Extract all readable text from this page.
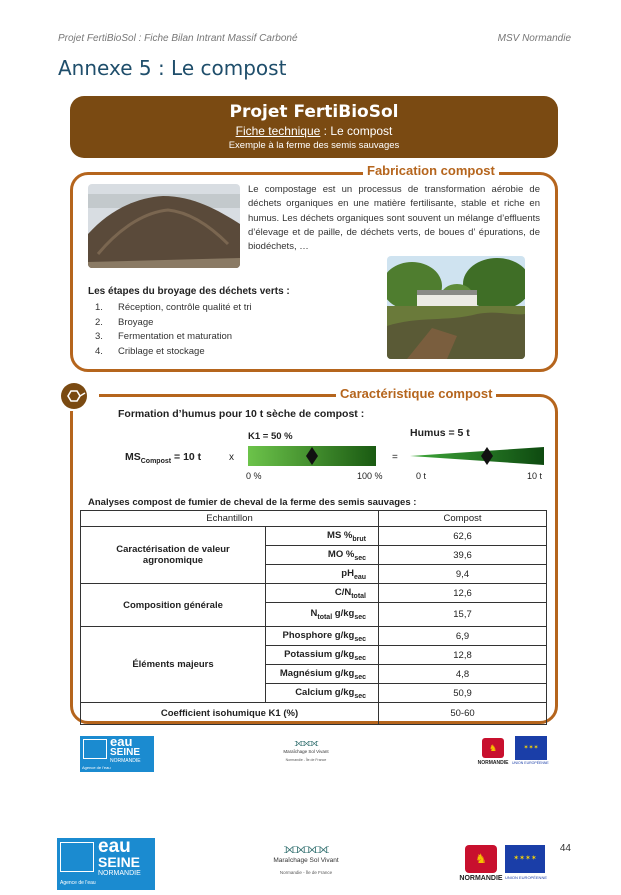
Projet FertiBioSol : Fiche Bilan Intrant Massif Carboné	MSV Normandie
Annexe 5 : Le compost
Projet FertiBioSol
Fiche technique : Le compost
Exemple à la ferme des semis sauvages
Fabrication compost
Le compostage est un processus de transformation aérobie de déchets organiques en une matière fertilisante, stable et riche en humus. Les déchets organiques sont souvent un mélange d’effluents d’élevage et de paille, de déchets verts, de boues d’ épurations, de biodéchets, …
Les étapes du broyage des déchets verts :
1. Réception, contrôle qualité et tri
2. Broyage
3. Fermentation et maturation
4. Criblage et stockage
Caractéristique compost
Formation d’humus pour 10 t sèche de compost :
$MS_{Compost} = 10$ t	x
K1 = 50 %
0 %	100 %
=
Humus = 5 t
0 t	10 t
Analyses compost de fumier de cheval de la ferme des semis sauvages :
Echantillon		Compost
Caractérisation de valeur agronomique	MS $\%_{brut}$	62,6
	MO $\%_{sec}$	39,6
	$pH_{eau}$	9,4
Composition générale	$C/N_{total}$	12,6
	$N_{total}$ $g/kg_{sec}$	15,7
Éléments majeurs	Phosphore $g/kg_{sec}$	6,9
	Potassium $g/kg_{sec}$	12,8
	Magnésium $g/kg_{sec}$	4,8
	Calcium $g/kg_{sec}$	50,9
Coefficient isohumique K1 (%)		50-60
eau
SEINE
NORMANDIE
Agence de l'eau
⟗⟗⟗
Maraîchage Sol Vivant
Normandie - Île de France
♞
NORMANDIE
✶✶✶
UNION EUROPÉENNE
eau
SEINE
NORMANDIE
Agence de l'eau
⟗⟗⟗⟗
Maraîchage Sol Vivant
Normandie - Île de France
♞
NORMANDIE
✶✶✶✶
UNION EUROPÉENNE
44
